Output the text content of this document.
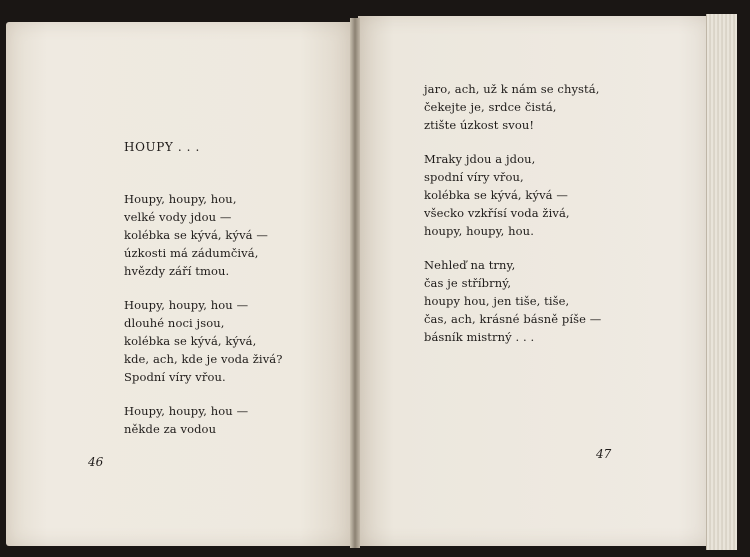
HOUPY . . .
Houpy, houpy, hou,
velké vody jdou —
kolébka se kývá, kývá —
úzkosti má zádumčivá,
hvězdy září tmou.
Houpy, houpy, hou —
dlouhé noci jsou,
kolébka se kývá, kývá,
kde, ach, kde je voda živá?
Spodní víry vřou.
Houpy, houpy, hou —
někde za vodou
46
jaro, ach, už k nám se chystá,
čekejte je, srdce čistá,
ztište úzkost svou!
Mraky jdou a jdou,
spodní víry vřou,
kolébka se kývá, kývá —
všecko vzkřísí voda živá,
houpy, houpy, hou.
Nehleď na trny,
čas je stříbrný,
houpy hou, jen tiše, tiše,
čas, ach, krásné básně píše —
básník mistrný . . .
47
